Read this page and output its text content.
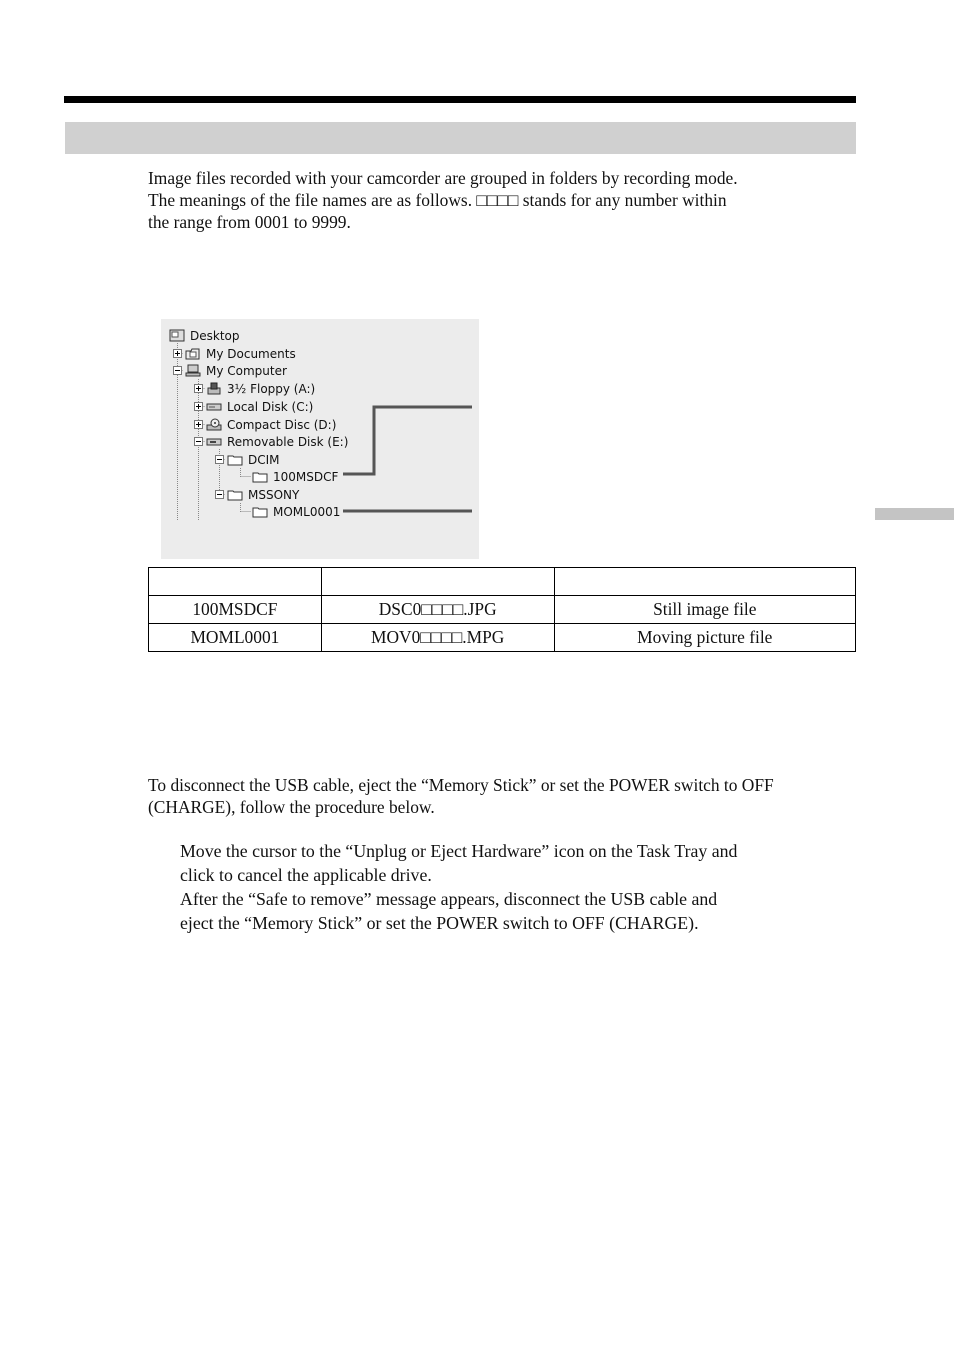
Image files recorded with your camcorder are grouped in folders by recording mode.
The meanings of the file names are as follows. □□□□ stands for any number within
the range from 0001 to 9999.
Desktop
My Documents
My Computer
3½ Floppy (A:)
Local Disk (C:)
Compact Disc (D:)
Removable Disk (E:)
DCIM
100MSDCF
MSSONY
MOML0001

100MSDCF	DSC0□□□□.JPG	Still image file
MOML0001	MOV0□□□□.MPG	Moving picture file
To disconnect the USB cable, eject the “Memory Stick” or set the POWER switch to OFF
(CHARGE), follow the procedure below.
Move the cursor to the “Unplug or Eject Hardware” icon on the Task Tray and
click to cancel the applicable drive.
After the “Safe to remove” message appears, disconnect the USB cable and
eject the “Memory Stick” or set the POWER switch to OFF (CHARGE).
